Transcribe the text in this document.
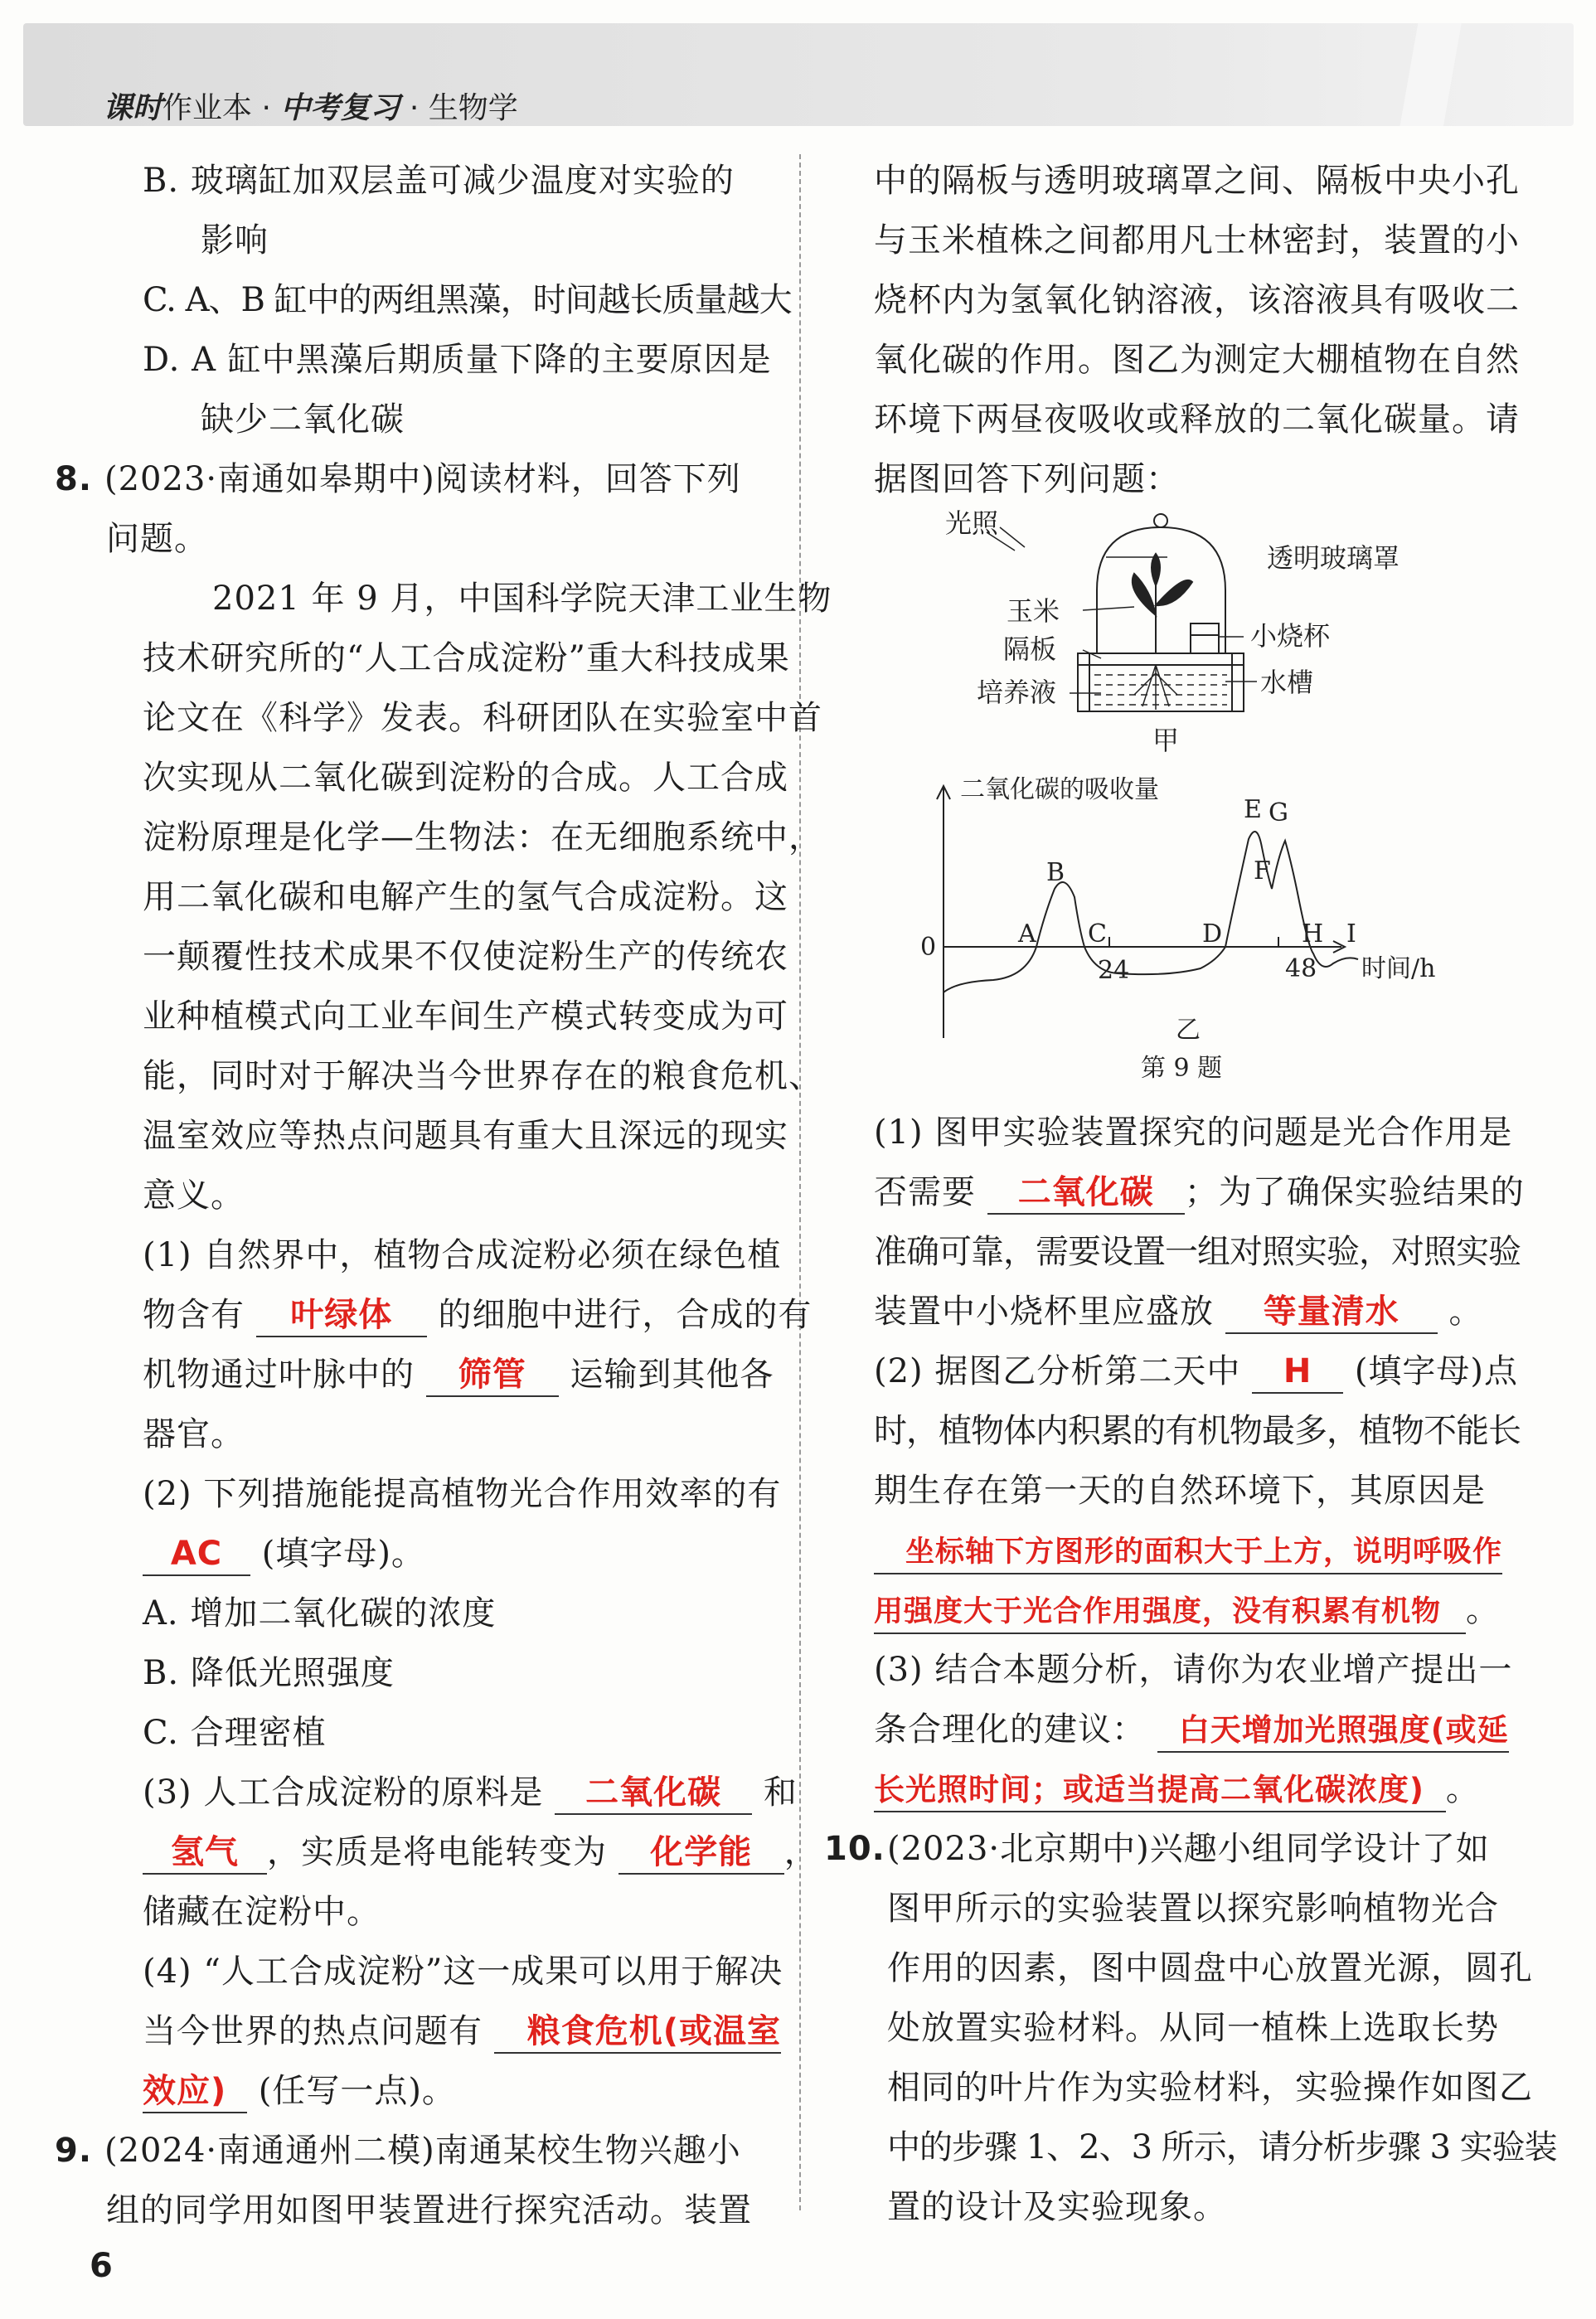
课时作业本 · 中考复习 · 生物学
B. 玻璃缸加双层盖可减少温度对实验的
影响
C. A、B 缸中的两组黑藻，时间越长质量越大
D. A 缸中黑藻后期质量下降的主要原因是
缺少二氧化碳
8. (2023·南通如皋期中)阅读材料，回答下列
问题。
2021 年 9 月，中国科学院天津工业生物
技术研究所的“人工合成淀粉”重大科技成果
论文在《科学》发表。科研团队在实验室中首
次实现从二氧化碳到淀粉的合成。人工合成
淀粉原理是化学—生物法：在无细胞系统中，
用二氧化碳和电解产生的氢气合成淀粉。这
一颠覆性技术成果不仅使淀粉生产的传统农
业种植模式向工业车间生产模式转变成为可
能，同时对于解决当今世界存在的粮食危机、
温室效应等热点问题具有重大且深远的现实
意义。
(1) 自然界中，植物合成淀粉必须在绿色植
物含有 叶绿体 的细胞中进行，合成的有
机物通过叶脉中的 筛管 运输到其他各
器官。
(2) 下列措施能提高植物光合作用效率的有
AC (填字母)。
A. 增加二氧化碳的浓度
B. 降低光照强度
C. 合理密植
(3) 人工合成淀粉的原料是 二氧化碳 和
氢气 ，实质是将电能转变为 化学能 ，
储藏在淀粉中。
(4) “人工合成淀粉”这一成果可以用于解决
当今世界的热点问题有 粮食危机(或温室
效应) (任写一点)。
9. (2024·南通通州二模)南通某校生物兴趣小
组的同学用如图甲装置进行探究活动。装置
中的隔板与透明玻璃罩之间、隔板中央小孔
与玉米植株之间都用凡士林密封，装置的小
烧杯内为氢氧化钠溶液，该溶液具有吸收二
氧化碳的作用。图乙为测定大棚植物在自然
环境下两昼夜吸收或释放的二氧化碳量。请
据图回答下列问题：
光照
透明玻璃罩
玉米
小烧杯
隔板
培养液	水槽
甲
二氧化碳的吸收量
0
24	48 时间/h
A
B
C	D
E
F
G
H I
乙
第 9 题
(1) 图甲实验装置探究的问题是光合作用是
否需要 二氧化碳 ；为了确保实验结果的
准确可靠，需要设置一组对照实验，对照实验
装置中小烧杯里应盛放 等量清水 。
(2) 据图乙分析第二天中 H (填字母)点
时，植物体内积累的有机物最多，植物不能长
期生存在第一天的自然环境下，其原因是
坐标轴下方图形的面积大于上方，说明呼吸作
用强度大于光合作用强度，没有积累有机物 。
(3) 结合本题分析，请你为农业增产提出一
条合理化的建议： 白天增加光照强度(或延
长光照时间；或适当提高二氧化碳浓度) 。
10.(2023·北京期中)兴趣小组同学设计了如
图甲所示的实验装置以探究影响植物光合
作用的因素，图中圆盘中心放置光源，圆孔
处放置实验材料。从同一植株上选取长势
相同的叶片作为实验材料，实验操作如图乙
中的步骤 1、2、3 所示，请分析步骤 3 实验装
置的设计及实验现象。
6
